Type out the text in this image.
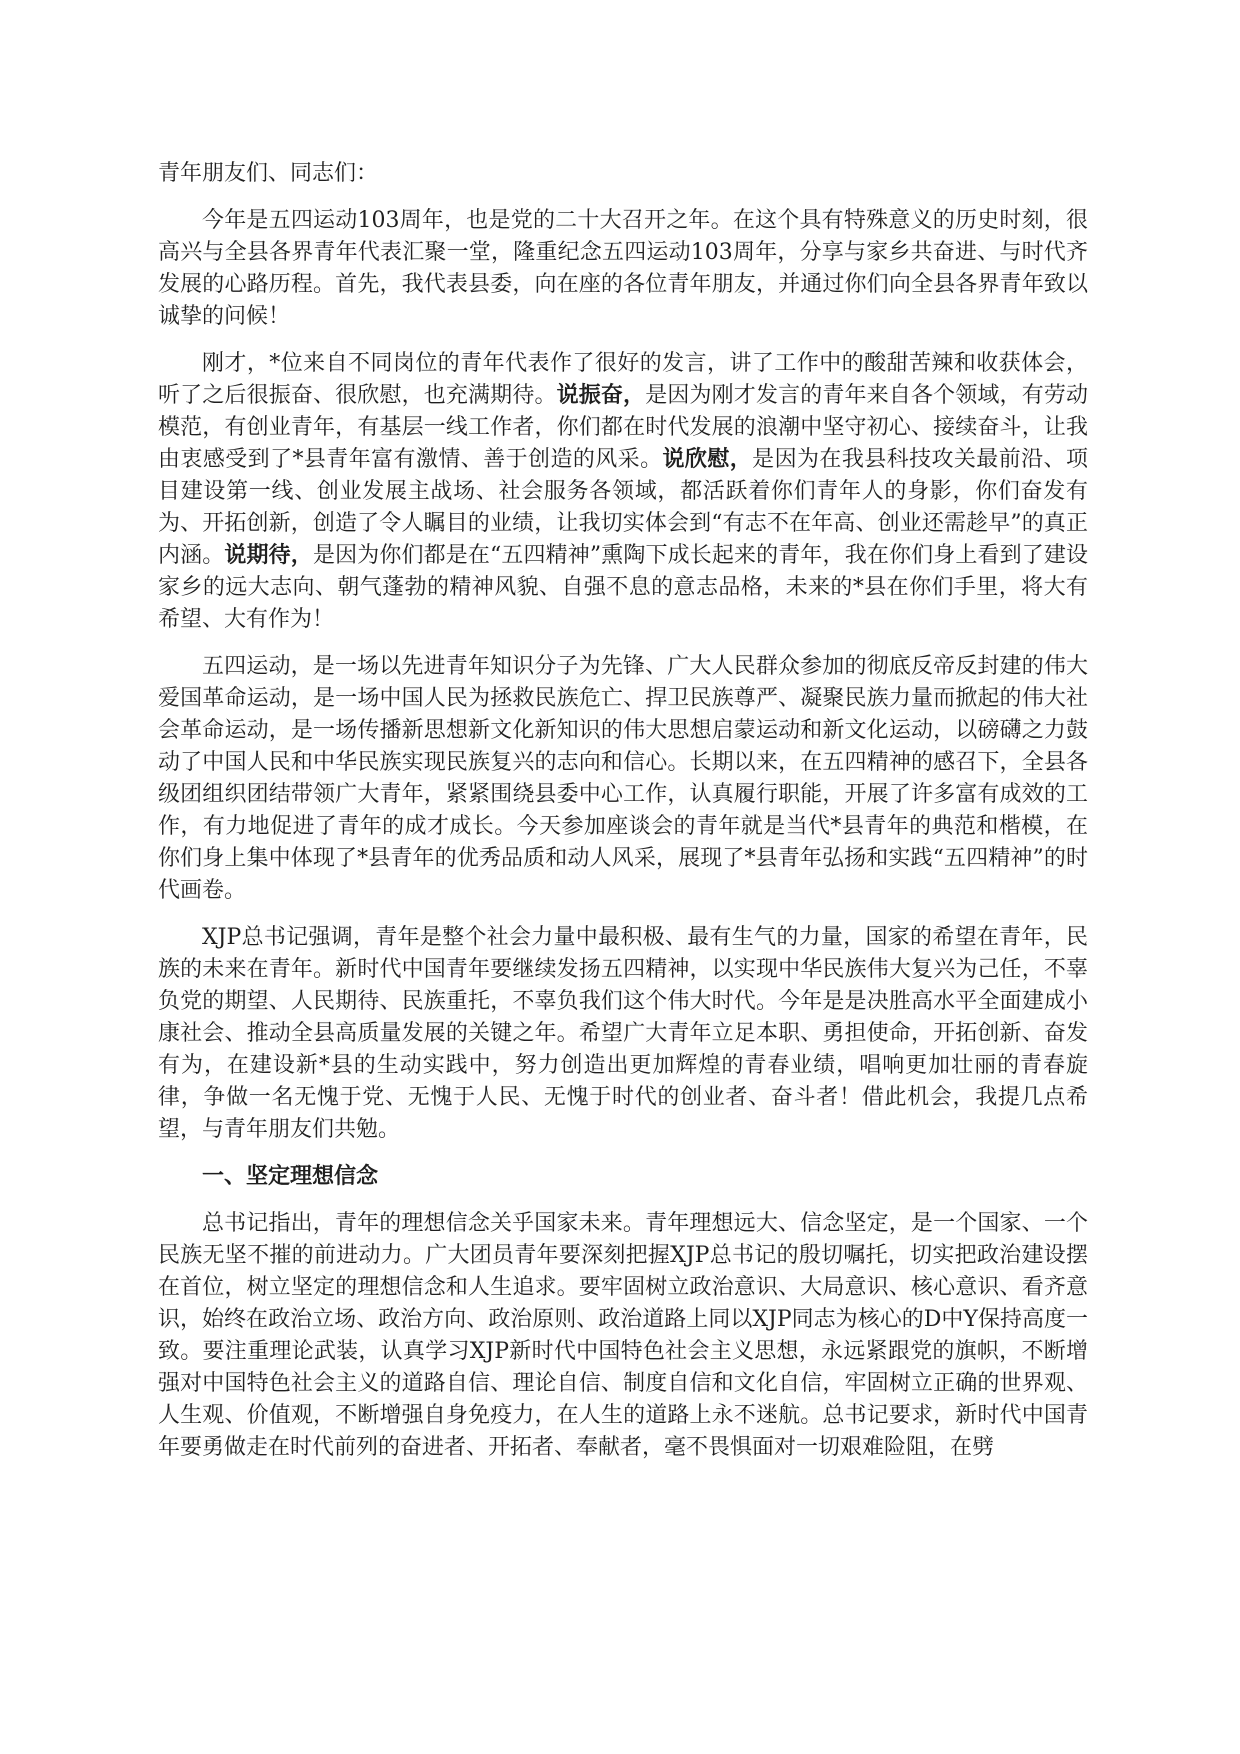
青年朋友们、同志们：

今年是五四运动103周年，也是党的二十大召开之年。在这个具有特殊意义的历史时刻，很高兴与全县各界青年代表汇聚一堂，隆重纪念五四运动103周年，分享与家乡共奋进、与时代齐发展的心路历程。首先，我代表县委，向在座的各位青年朋友，并通过你们向全县各界青年致以诚挚的问候！

刚才，*位来自不同岗位的青年代表作了很好的发言，讲了工作中的酸甜苦辣和收获体会，听了之后很振奋、很欣慰，也充满期待。说振奋，是因为刚才发言的青年来自各个领域，有劳动模范，有创业青年，有基层一线工作者，你们都在时代发展的浪潮中坚守初心、接续奋斗，让我由衷感受到了*县青年富有激情、善于创造的风采。说欣慰，是因为在我县科技攻关最前沿、项目建设第一线、创业发展主战场、社会服务各领域，都活跃着你们青年人的身影，你们奋发有为、开拓创新，创造了令人瞩目的业绩，让我切实体会到“有志不在年高、创业还需趁早”的真正内涵。说期待，是因为你们都是在“五四精神”熏陶下成长起来的青年，我在你们身上看到了建设家乡的远大志向、朝气蓬勃的精神风貌、自强不息的意志品格，未来的*县在你们手里，将大有希望、大有作为！

五四运动，是一场以先进青年知识分子为先锋、广大人民群众参加的彻底反帝反封建的伟大爱国革命运动，是一场中国人民为拯救民族危亡、捍卫民族尊严、凝聚民族力量而掀起的伟大社会革命运动，是一场传播新思想新文化新知识的伟大思想启蒙运动和新文化运动，以磅礴之力鼓动了中国人民和中华民族实现民族复兴的志向和信心。长期以来，在五四精神的感召下，全县各级团组织团结带领广大青年，紧紧围绕县委中心工作，认真履行职能，开展了许多富有成效的工作，有力地促进了青年的成才成长。今天参加座谈会的青年就是当代*县青年的典范和楷模，在你们身上集中体现了*县青年的优秀品质和动人风采，展现了*县青年弘扬和实践“五四精神”的时代画卷。

XJP总书记强调，青年是整个社会力量中最积极、最有生气的力量，国家的希望在青年，民族的未来在青年。新时代中国青年要继续发扬五四精神，以实现中华民族伟大复兴为己任，不辜负党的期望、人民期待、民族重托，不辜负我们这个伟大时代。今年是是决胜高水平全面建成小康社会、推动全县高质量发展的关键之年。希望广大青年立足本职、勇担使命，开拓创新、奋发有为，在建设新*县的生动实践中，努力创造出更加辉煌的青春业绩，唱响更加壮丽的青春旋律，争做一名无愧于党、无愧于人民、无愧于时代的创业者、奋斗者！借此机会，我提几点希望，与青年朋友们共勉。

一、坚定理想信念

总书记指出，青年的理想信念关乎国家未来。青年理想远大、信念坚定，是一个国家、一个民族无坚不摧的前进动力。广大团员青年要深刻把握XJP总书记的殷切嘱托，切实把政治建设摆在首位，树立坚定的理想信念和人生追求。要牢固树立政治意识、大局意识、核心意识、看齐意识，始终在政治立场、政治方向、政治原则、政治道路上同以XJP同志为核心的D中Y保持高度一致。要注重理论武装，认真学习XJP新时代中国特色社会主义思想，永远紧跟党的旗帜，不断增强对中国特色社会主义的道路自信、理论自信、制度自信和文化自信，牢固树立正确的世界观、人生观、价值观，不断增强自身免疫力，在人生的道路上永不迷航。总书记要求，新时代中国青年要勇做走在时代前列的奋进者、开拓者、奉献者，毫不畏惧面对一切艰难险阻，在劈
